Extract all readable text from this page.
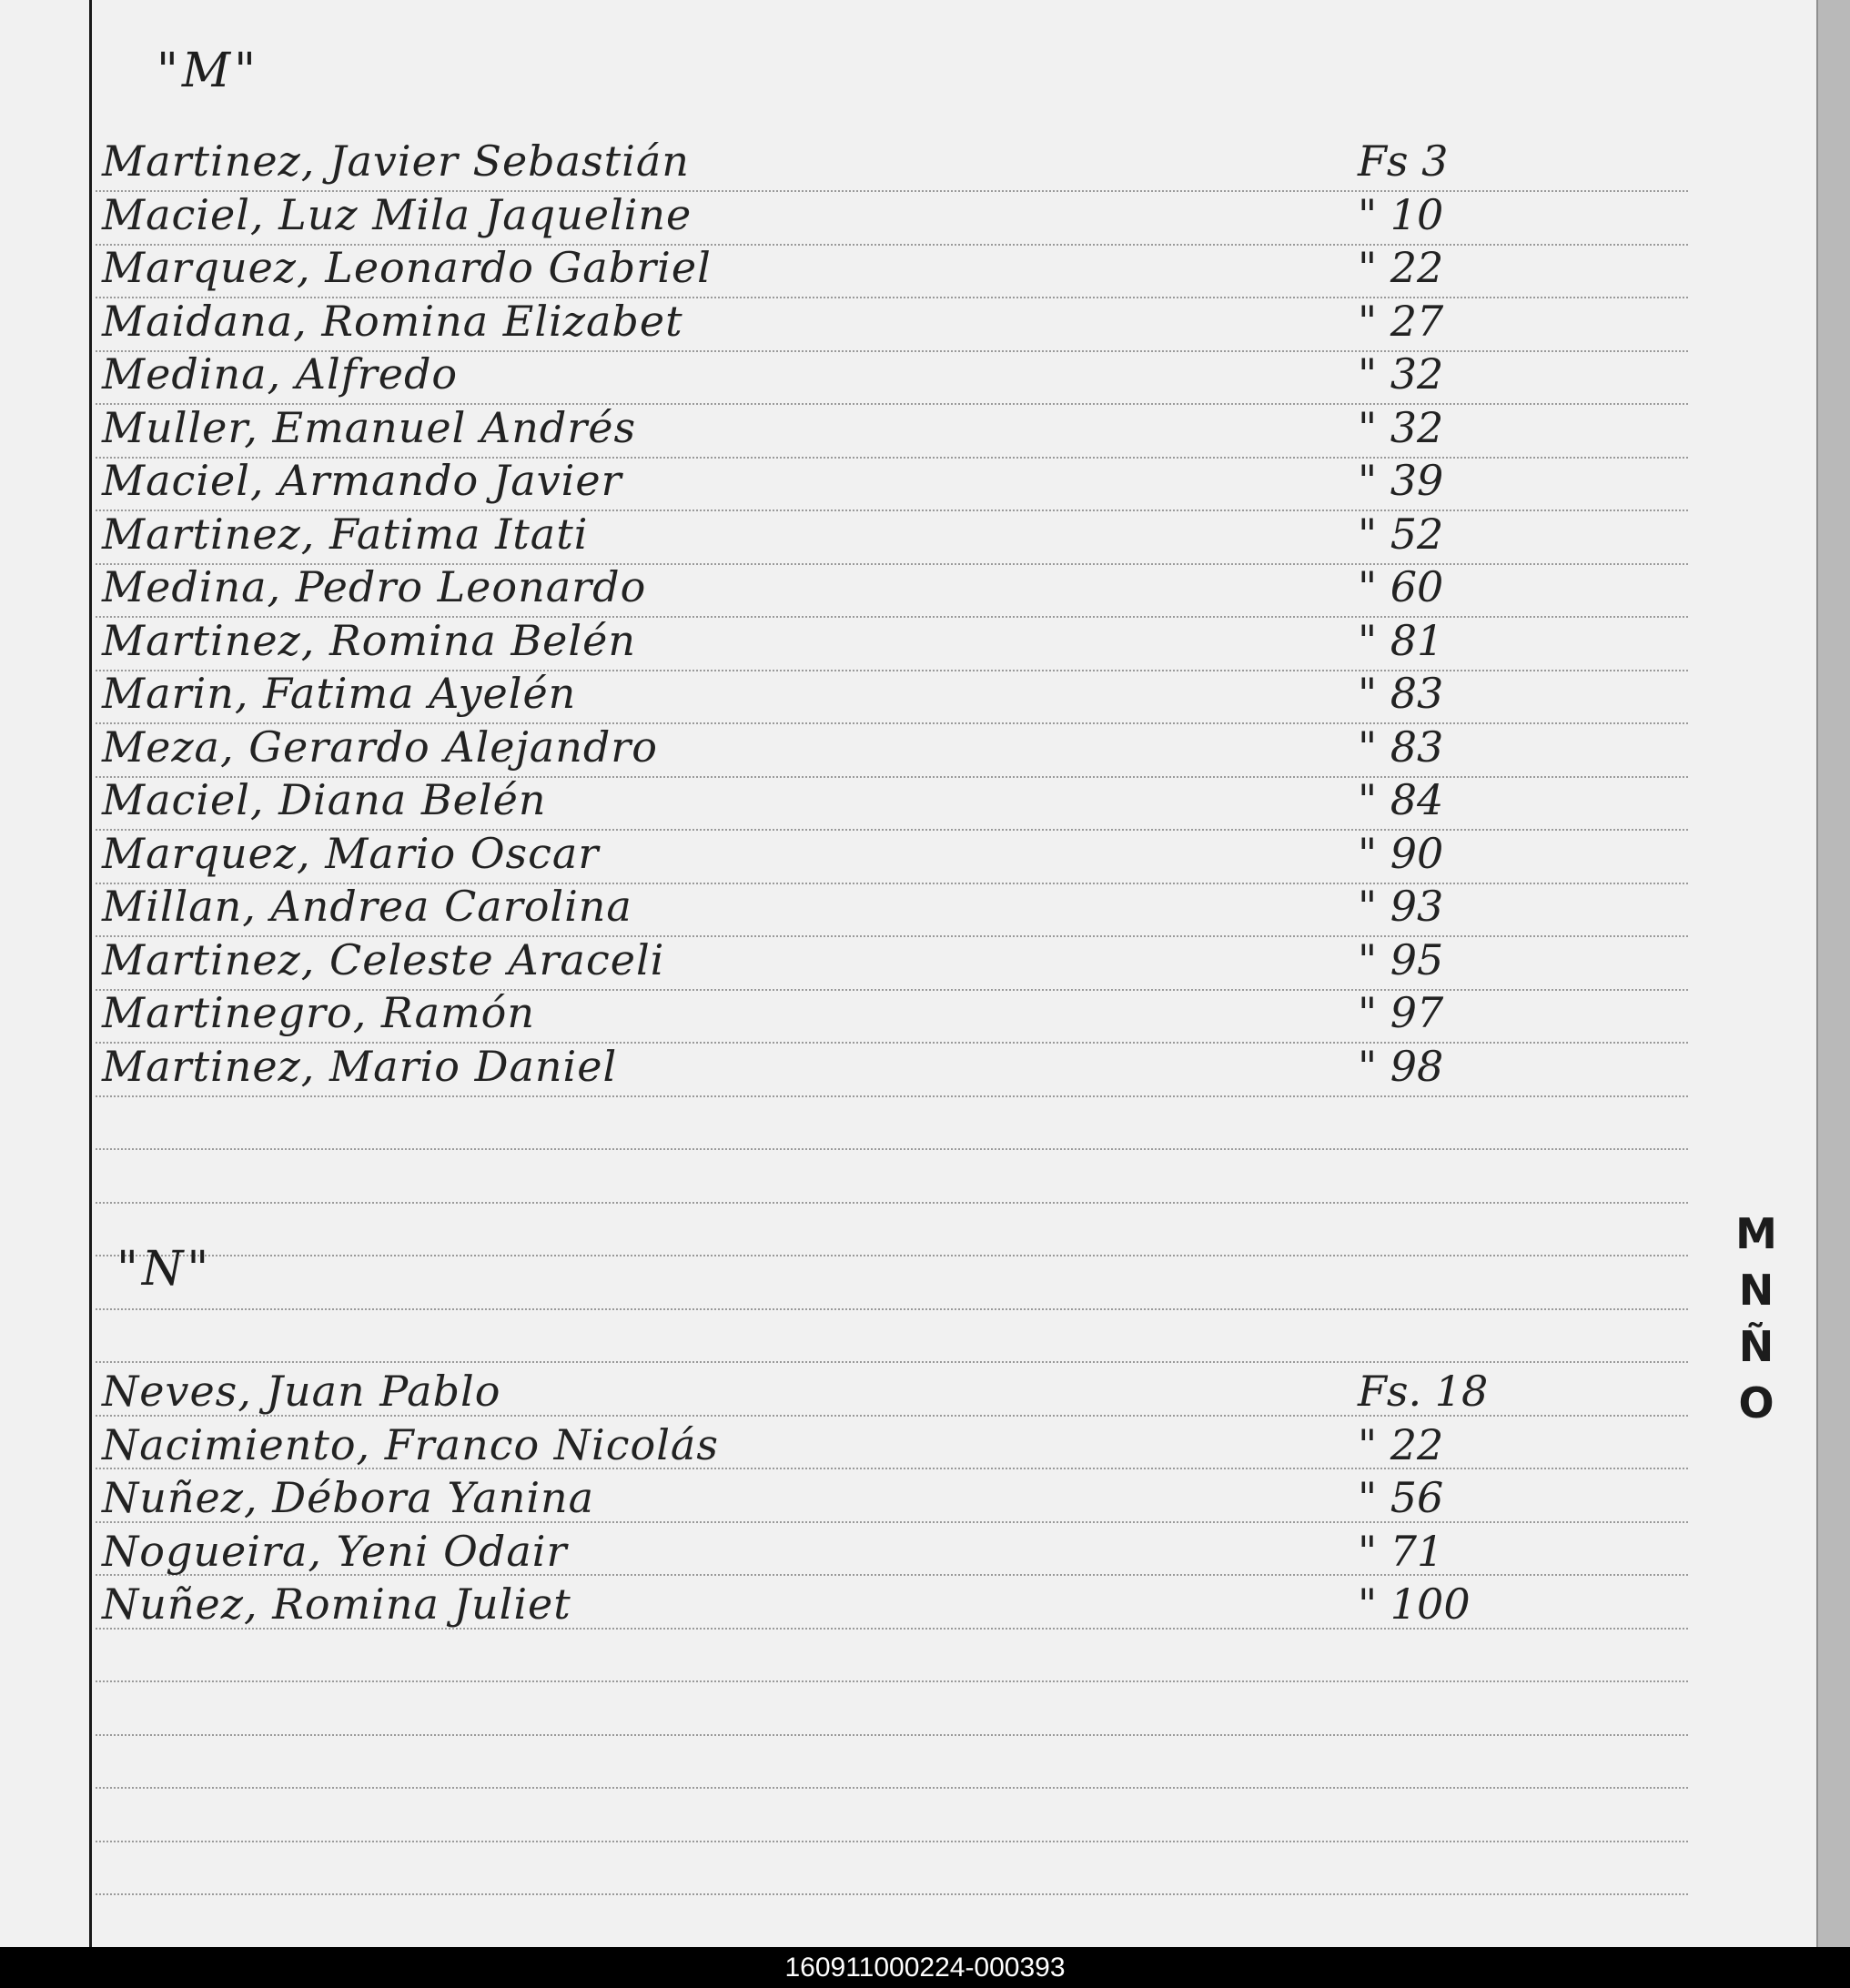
"M"
Martinez, Javier Sebastián	Fs 3
Maciel, Luz Mila Jaqueline	" 10
Marquez, Leonardo Gabriel	" 22
Maidana, Romina Elizabet	" 27
Medina, Alfredo	" 32
Muller, Emanuel Andrés	" 32
Maciel, Armando Javier	" 39
Martinez, Fatima Itati	" 52
Medina, Pedro Leonardo	" 60
Martinez, Romina Belén	" 81
Marin, Fatima Ayelén	" 83
Meza, Gerardo Alejandro	" 83
Maciel, Diana Belén	" 84
Marquez, Mario Oscar	" 90
Millan, Andrea Carolina	" 93
Martinez, Celeste Araceli	" 95
Martinegro, Ramón	" 97
Martinez, Mario Daniel	" 98
"N"
Neves, Juan Pablo	Fs. 18
Nacimiento, Franco Nicolás	" 22
Nuñez, Débora Yanina	" 56
Nogueira, Yeni Odair	" 71
Nuñez, Romina Juliet	" 100
M
N
Ñ
O
160911000224-000393
